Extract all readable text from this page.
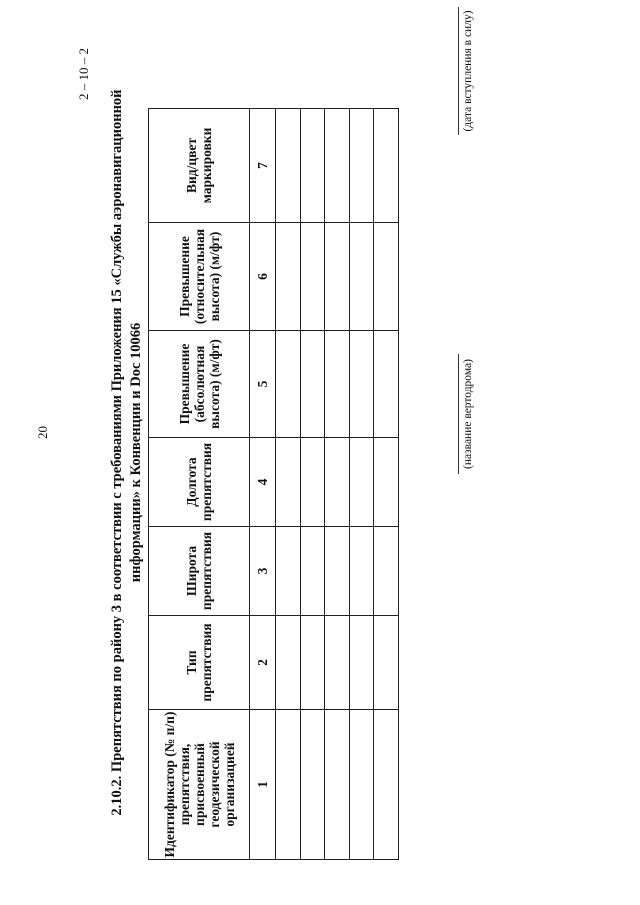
20
2 – 10 – 2
2.10.2. Препятствия по району 3 в соответствии с требованиями Приложения 15 «Службы аэронавигационной информации» к Конвенции и Doc 10066
Идентификатор (№ п/п) препятствия, присвоенный геодезической организацией	Тип препятствия	Широта препятствия	Долгота препятствия	Превышение (абсолютная высота) (м/фт)	Превышение (относительная высота) (м/фт)	Вид/цвет маркировки
1	2	3	4	5	6	7

(название вертодрома)
(дата вступления в силу)
